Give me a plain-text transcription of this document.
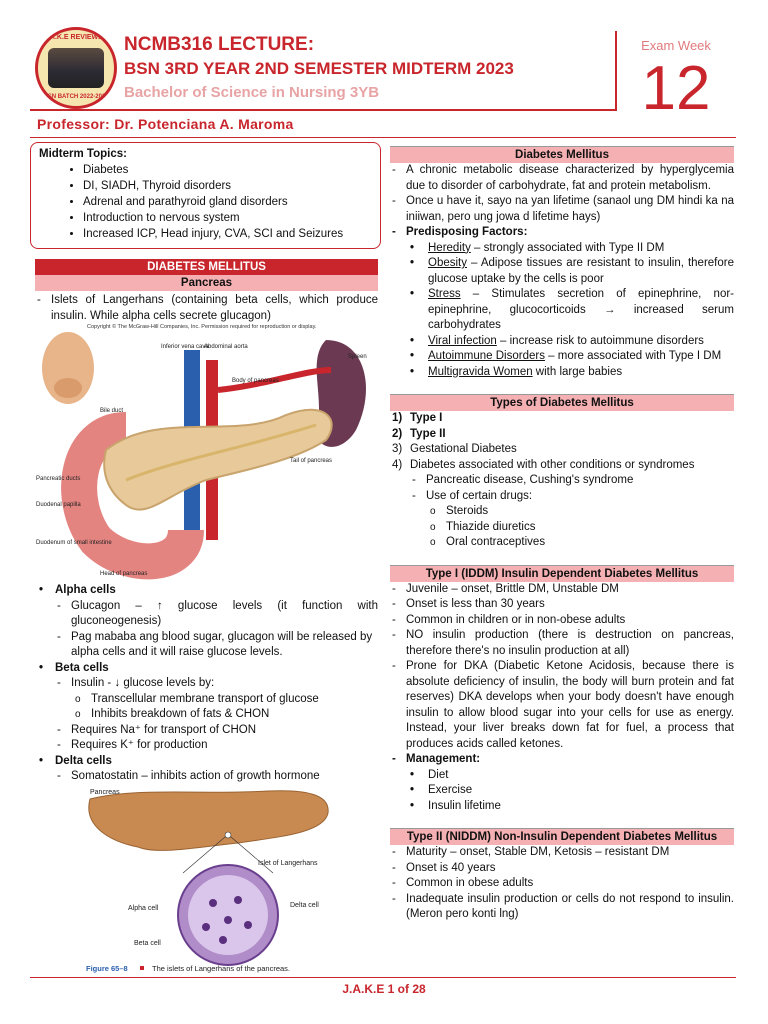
J.A.K.E REVIEWER
BSN BATCH 2022-2023
NCMB316 LECTURE:
BSN 3RD YEAR 2ND SEMESTER MIDTERM 2023
Bachelor of Science in Nursing 3YB
Exam Week
12
Professor: Dr. Potenciana A. Maroma
Midterm Topics:
• Diabetes
• DI, SIADH, Thyroid disorders
• Adrenal and parathyroid gland disorders
• Introduction to nervous system
• Increased ICP, Head injury, CVA, SCI and Seizures
DIABETES MELLITUS
Pancreas
- Islets of Langerhans (containing beta cells, which produce insulin. While alpha cells secrete glucagon)
Copyright © The McGraw-Hill Companies, Inc. Permission required for reproduction or display.
Inferior vena cava
Abdominal aorta
Spleen
Body of pancreas
Bile duct
Tail of pancreas
Pancreatic ducts
Duodenal papilla
Duodenum of small intestine
Head of pancreas
• Alpha cells
- Glucagon – ↑ glucose levels (it function with gluconeogenesis)
- Pag mababa ang blood sugar, glucagon will be released by alpha cells and it will raise glucose levels.
• Beta cells
- Insulin - ↓ glucose levels by:
o Transcellular membrane transport of glucose
o Inhibits breakdown of fats & CHON
- Requires Na⁺ for transport of CHON
- Requires K⁺ for production
• Delta cells
- Somatostatin – inhibits action of growth hormone
Pancreas
Islet of Langerhans
Alpha cell	Delta cell
Beta cell
Figure 65–8	The islets of Langerhans of the pancreas.
Diabetes Mellitus
- A chronic metabolic disease characterized by hyperglycemia due to disorder of carbohydrate, fat and protein metabolism.
- Once u have it, sayo na yan lifetime (sanaol ung DM hindi ka na iniiwan, pero ung jowa d lifetime hays)
- Predisposing Factors:
• Heredity – strongly associated with Type II DM
• Obesity – Adipose tissues are resistant to insulin, therefore glucose uptake by the cells is poor
• Stress – Stimulates secretion of epinephrine, nor-epinephrine, glucocorticoids → increased serum carbohydrates
• Viral infection – increase risk to autoimmune disorders
• Autoimmune Disorders – more associated with Type I DM
• Multigravida Women with large babies
Types of Diabetes Mellitus
1) Type I
2) Type II
3) Gestational Diabetes
4) Diabetes associated with other conditions or syndromes
- Pancreatic disease, Cushing's syndrome
- Use of certain drugs:
o Steroids
o Thiazide diuretics
o Oral contraceptives
Type I (IDDM) Insulin Dependent Diabetes Mellitus
- Juvenile – onset, Brittle DM, Unstable DM
- Onset is less than 30 years
- Common in children or in non-obese adults
- NO insulin production (there is destruction on pancreas, therefore there's no insulin production at all)
- Prone for DKA (Diabetic Ketone Acidosis, because there is absolute deficiency of insulin, the body will burn protein and fat reserves) DKA develops when your body doesn't have enough insulin to allow blood sugar into your cells for use as energy. Instead, your liver breaks down fat for fuel, a process that produces acids called ketones.
- Management:
• Diet
• Exercise
• Insulin lifetime
Type II (NIDDM) Non-Insulin Dependent Diabetes Mellitus
- Maturity – onset, Stable DM, Ketosis – resistant DM
- Onset is 40 years
- Common in obese adults
- Inadequate insulin production or cells do not respond to insulin. (Meron pero konti lng)
J.A.K.E 1 of 28
